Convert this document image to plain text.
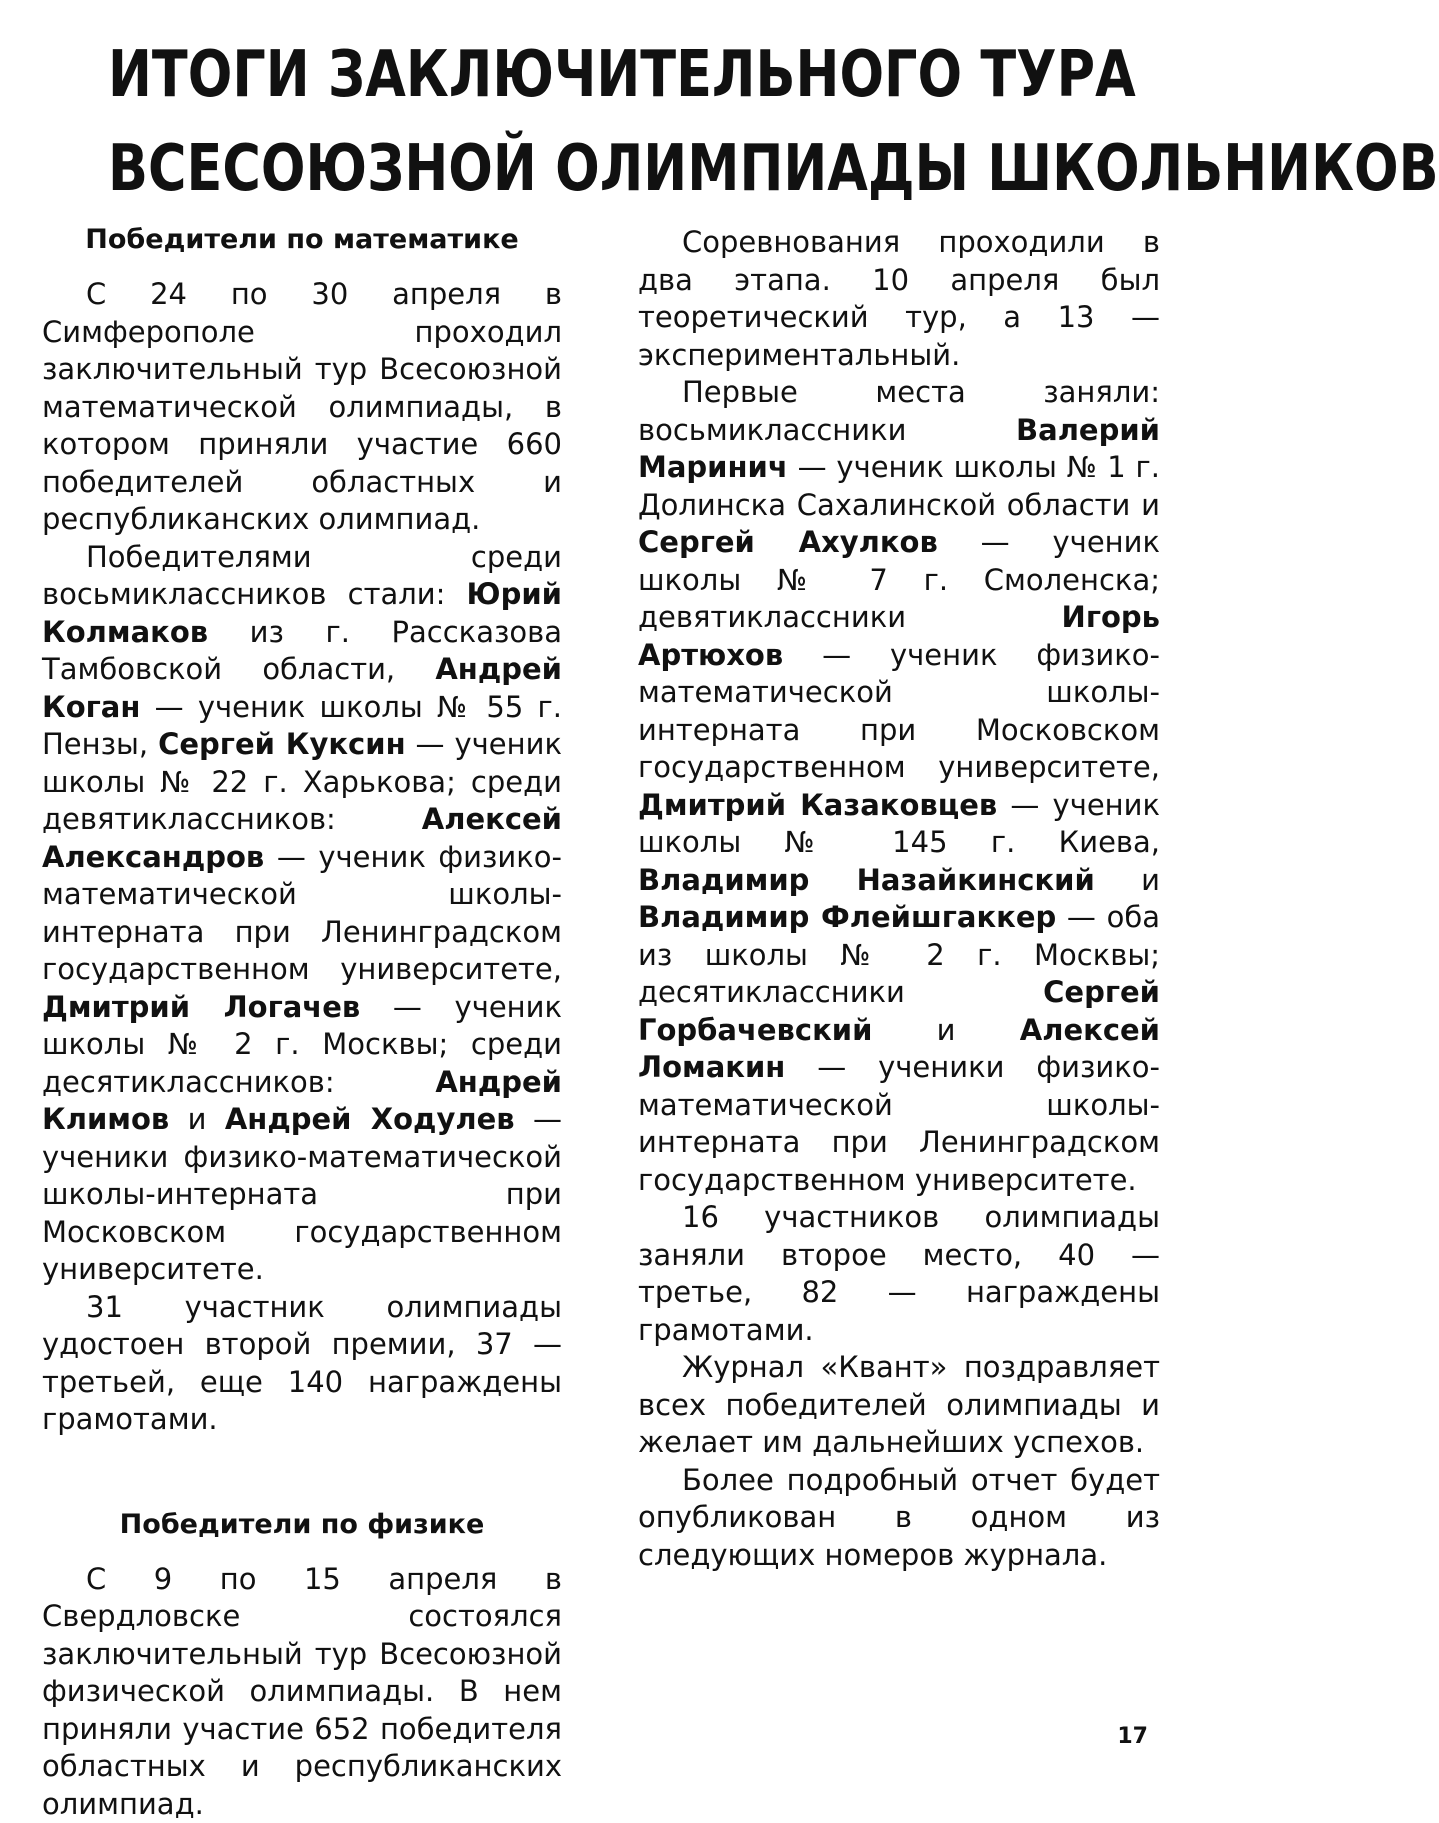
ИТОГИ ЗАКЛЮЧИТЕЛЬНОГО ТУРА
ВСЕСОЮЗНОЙ ОЛИМПИАДЫ ШКОЛЬНИКОВ
Победители по математике

С 24 по 30 апреля в Симферополе проходил заключительный тур Всесоюзной математической олимпиады, в котором приняли участие 660 победителей областных и республиканских олимпиад.

Победителями среди восьмиклассников стали: Юрий Колмаков из г. Рассказова Тамбовской области, Андрей Коган — ученик школы № 55 г. Пензы, Сергей Куксин — ученик школы № 22 г. Харькова; среди девятиклассников: Алексей Александров — ученик физико-математической школы-интерната при Ленинградском государственном университете, Дмитрий Логачев — ученик школы № 2 г. Москвы; среди десятиклассников: Андрей Климов и Андрей Ходулев — ученики физико-математической школы-интерната при Московском государственном университете.

31 участник олимпиады удостоен второй премии, 37 — третьей, еще 140 награждены грамотами.

Победители по физике

С 9 по 15 апреля в Свердловске состоялся заключительный тур Всесоюзной физической олимпиады. В нем приняли участие 652 победителя областных и республиканских олимпиад.

Соревнования проходили в два этапа. 10 апреля был теоретический тур, а 13 — экспериментальный.

Первые места заняли: восьмиклассники Валерий Маринич — ученик школы № 1 г. Долинска Сахалинской области и Сергей Ахулков — ученик школы № 7 г. Смоленска; девятиклассники Игорь Артюхов — ученик физико-математической школы-интерната при Московском государственном университете, Дмитрий Казаковцев — ученик школы № 145 г. Киева, Владимир Назайкинский и Владимир Флейшгаккер — оба из школы № 2 г. Москвы; десятиклассники Сергей Горбачевский и Алексей Ломакин — ученики физико-математической школы-интерната при Ленинградском государственном университете.

16 участников олимпиады заняли второе место, 40 — третье, 82 — награждены грамотами.

Журнал «Квант» поздравляет всех победителей олимпиады и желает им дальнейших успехов.

Более подробный отчет будет опубликован в одном из следующих номеров журнала.

17
